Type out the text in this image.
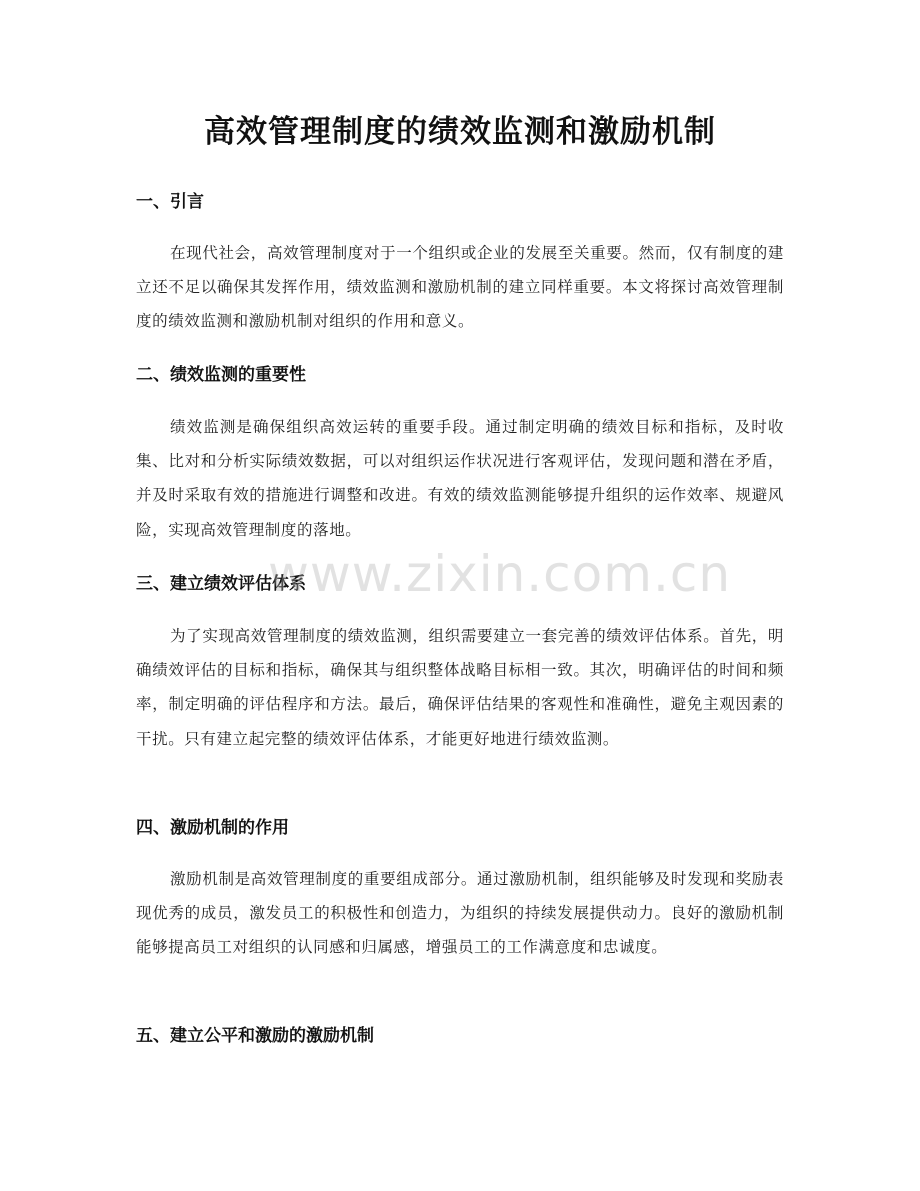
高效管理制度的绩效监测和激励机制
一、引言
在现代社会，高效管理制度对于一个组织或企业的发展至关重要。然而，仅有制度的建立还不足以确保其发挥作用，绩效监测和激励机制的建立同样重要。本文将探讨高效管理制度的绩效监测和激励机制对组织的作用和意义。
二、绩效监测的重要性
绩效监测是确保组织高效运转的重要手段。通过制定明确的绩效目标和指标，及时收集、比对和分析实际绩效数据，可以对组织运作状况进行客观评估，发现问题和潜在矛盾，并及时采取有效的措施进行调整和改进。有效的绩效监测能够提升组织的运作效率、规避风险，实现高效管理制度的落地。
三、建立绩效评估体系
为了实现高效管理制度的绩效监测，组织需要建立一套完善的绩效评估体系。首先，明确绩效评估的目标和指标，确保其与组织整体战略目标相一致。其次，明确评估的时间和频率，制定明确的评估程序和方法。最后，确保评估结果的客观性和准确性，避免主观因素的干扰。只有建立起完整的绩效评估体系，才能更好地进行绩效监测。
四、激励机制的作用
激励机制是高效管理制度的重要组成部分。通过激励机制，组织能够及时发现和奖励表现优秀的成员，激发员工的积极性和创造力，为组织的持续发展提供动力。良好的激励机制能够提高员工对组织的认同感和归属感，增强员工的工作满意度和忠诚度。
五、建立公平和激励的激励机制
www.zixin.com.cn
